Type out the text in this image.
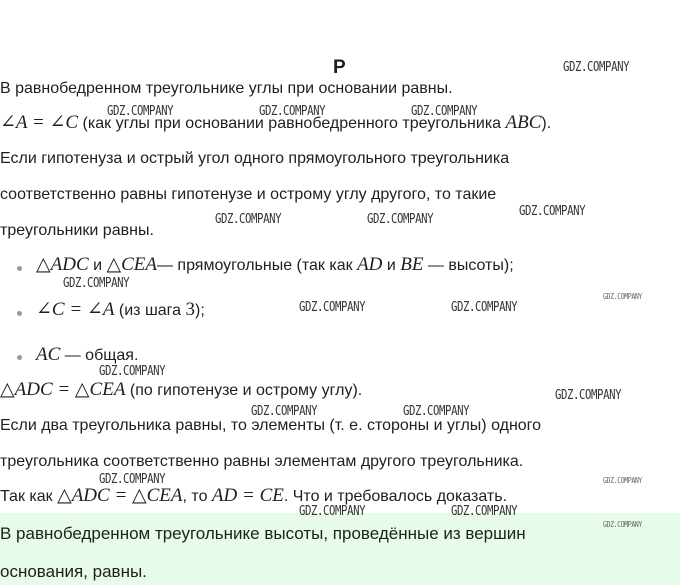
Р
В равнобедренном треугольнике углы при основании равны.
∠A = ∠C (как углы при основании равнобедренного треугольника ABC).
Если гипотенуза и острый угол одного прямоугольного треугольника
соответственно равны гипотенузе и острому углу другого, то такие
треугольники равны.
△ADC и △CEA— прямоугольные (так как AD и BE — высоты);
∠C = ∠A (из шага 3);
AC — общая.
△ADC = △CEA (по гипотенузе и острому углу).
Если два треугольника равны, то элементы (т. е. стороны и углы) одного
треугольника соответственно равны элементам другого треугольника.
Так как △ADC = △CEA, то AD = CE. Что и требовалось доказать.
В равнобедренном треугольнике высоты, проведённые из вершин
основания, равны.
GDZ.COMPANY
GDZ.COMPANY	GDZ.COMPANY	GDZ.COMPANY
GDZ.COMPANY
GDZ.COMPANY	GDZ.COMPANY
GDZ.COMPANY
GDZ.COMPANY
GDZ.COMPANY	GDZ.COMPANY
GDZ.COMPANY
GDZ.COMPANY
GDZ.COMPANY	GDZ.COMPANY
GDZ.COMPANY	GDZ.COMPANY
GDZ.COMPANY	GDZ.COMPANY
GDZ.COMPANY
